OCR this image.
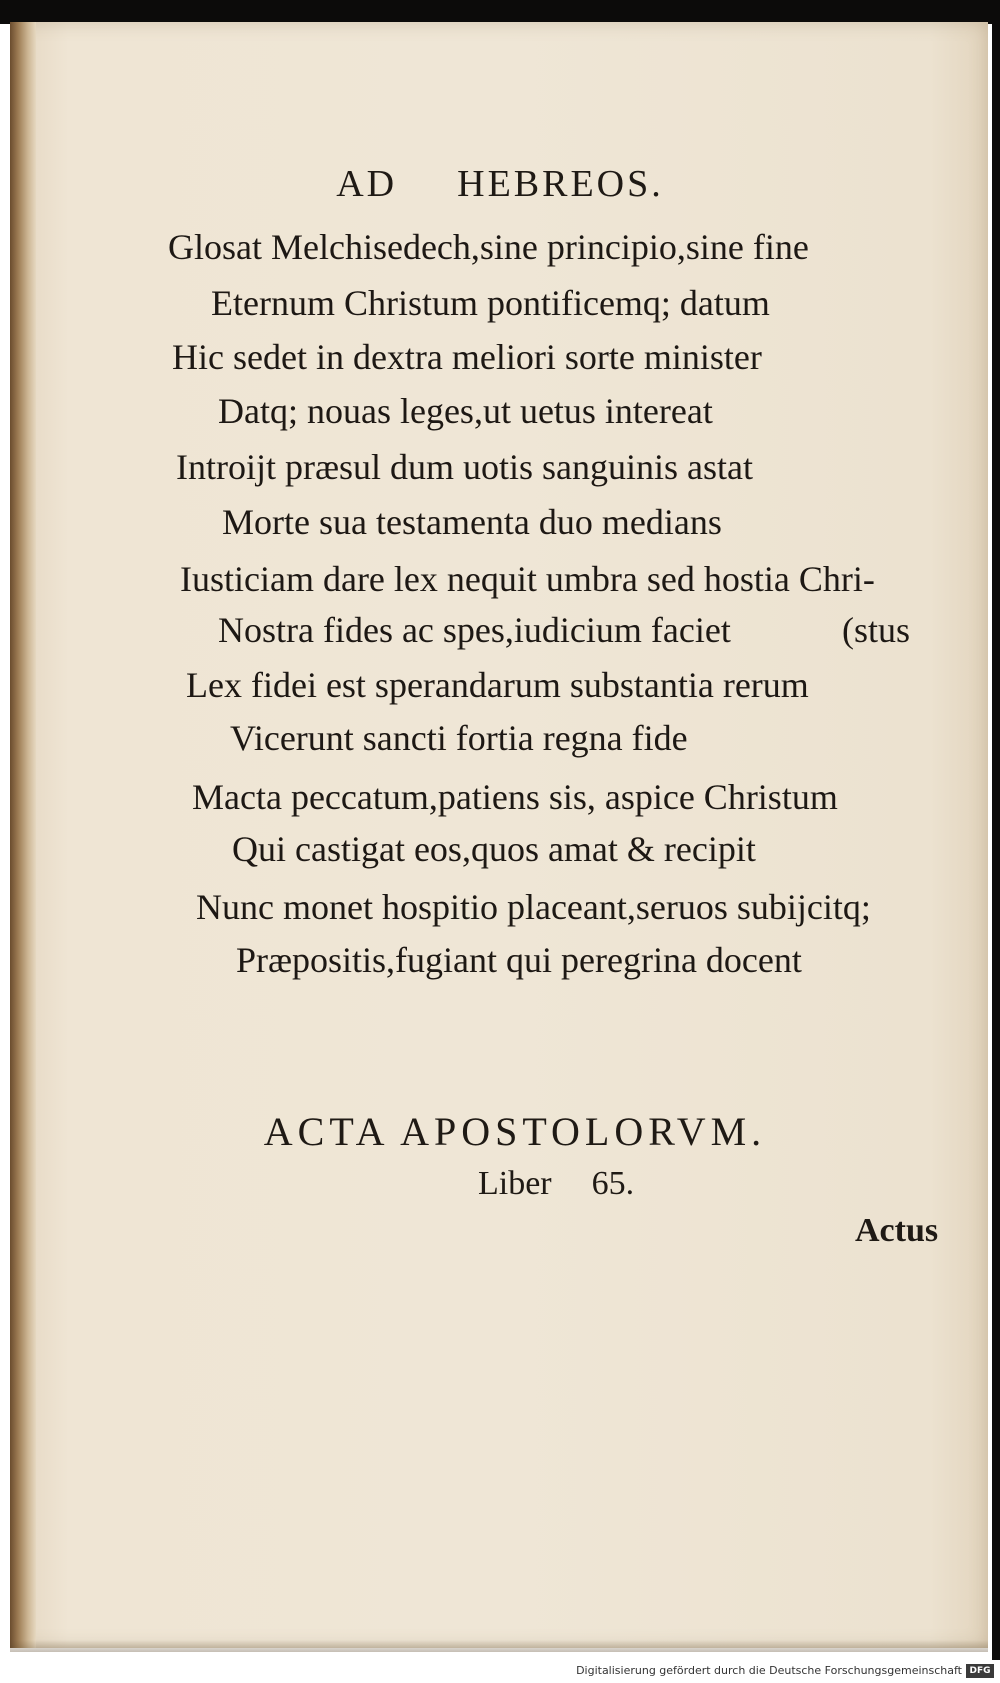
AD HEBREOS.
Glosat Melchisedech,sine principio,sine fine
Eternum Christum pontificemq; datum
Hic sedet in dextra meliori sorte minister
Datq; nouas leges,ut uetus intereat
Introijt præsul dum uotis sanguinis astat
Morte sua testamenta duo medians
Iusticiam dare lex nequit umbra sed hostia Chri-
Nostra fides ac spes,iudicium faciet	(stus
Lex fidei est sperandarum substantia rerum
Vicerunt sancti fortia regna fide
Macta peccatum,patiens sis, aspice Christum
Qui castigat eos,quos amat & recipit
Nunc monet hospitio placeant,seruos subijcitq;
Præpositis,fugiant qui peregrina docent
ACTA APOSTOLORVM.
Liber 65.
Actus
Digitalisierung gefördert durch die Deutsche Forschungsgemeinschaft DFG
